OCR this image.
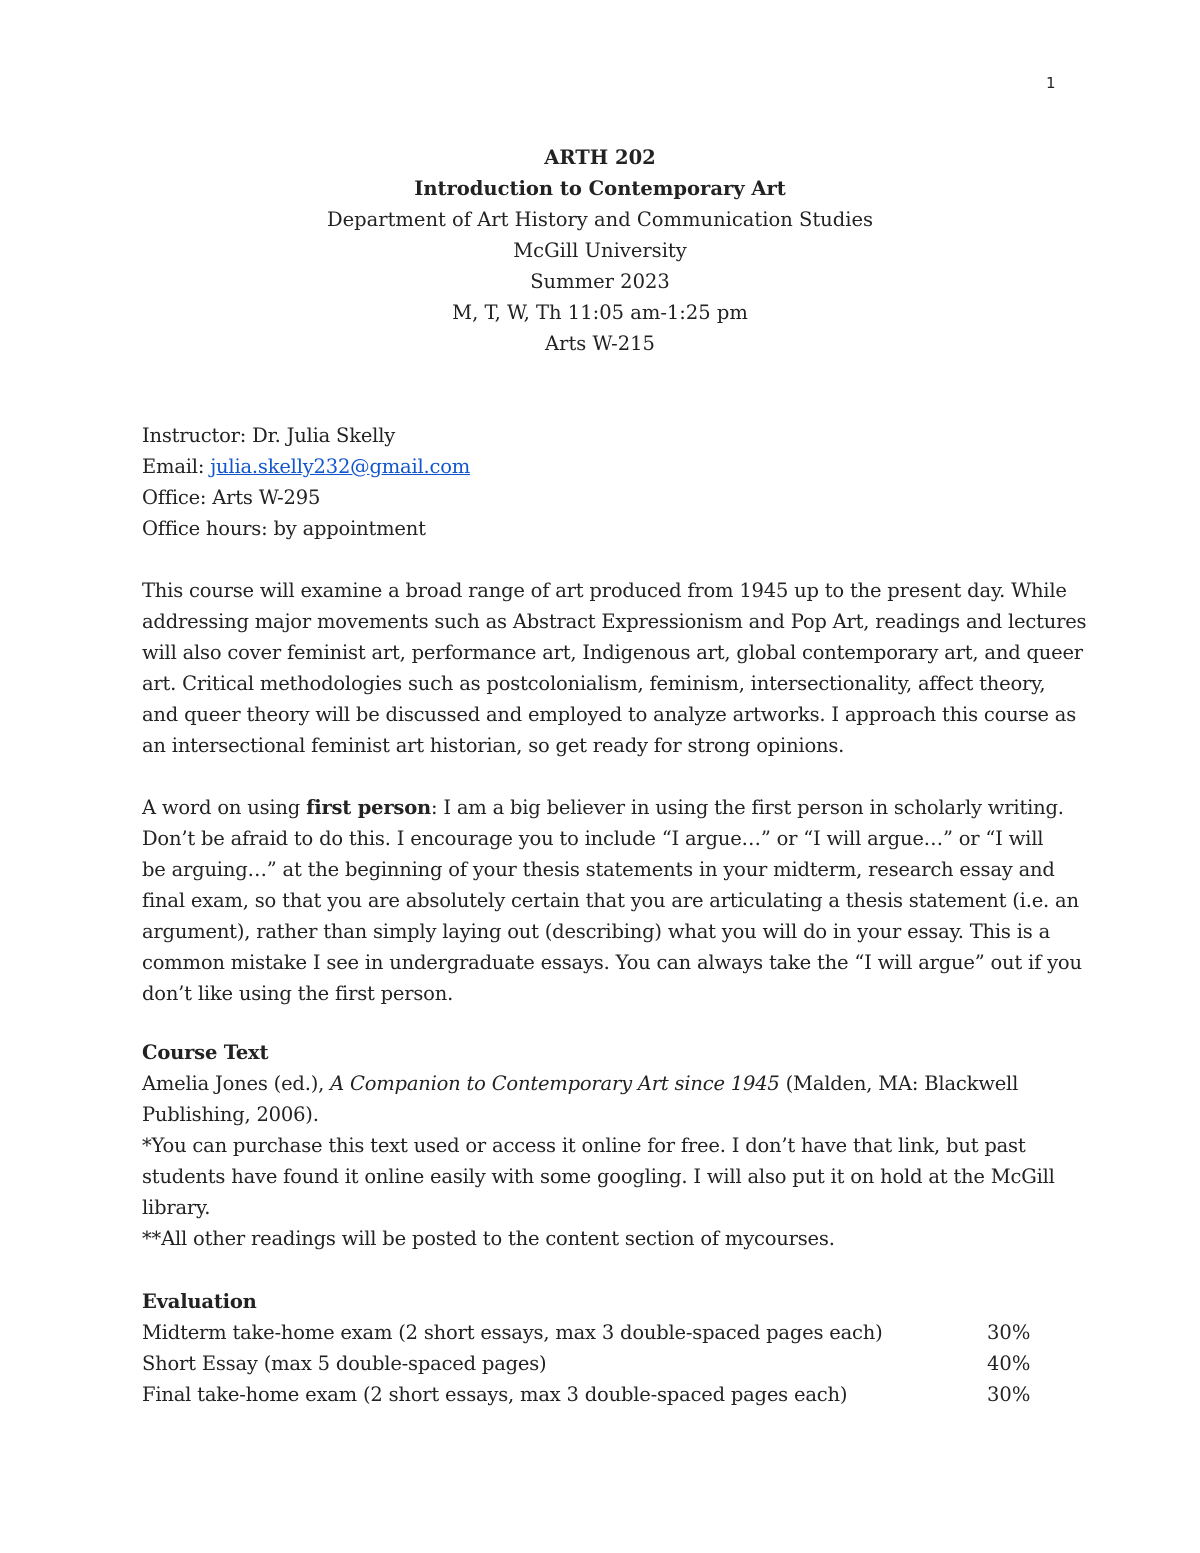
1
ARTH 202
Introduction to Contemporary Art
Department of Art History and Communication Studies
McGill University
Summer 2023
M, T, W, Th 11:05 am-1:25 pm
Arts W-215
Instructor: Dr. Julia Skelly
Email: julia.skelly232@gmail.com
Office: Arts W-295
Office hours: by appointment
This course will examine a broad range of art produced from 1945 up to the present day. While
addressing major movements such as Abstract Expressionism and Pop Art, readings and lectures
will also cover feminist art, performance art, Indigenous art, global contemporary art, and queer
art. Critical methodologies such as postcolonialism, feminism, intersectionality, affect theory,
and queer theory will be discussed and employed to analyze artworks. I approach this course as
an intersectional feminist art historian, so get ready for strong opinions.
A word on using first person: I am a big believer in using the first person in scholarly writing.
Don’t be afraid to do this. I encourage you to include “I argue…” or “I will argue…” or “I will
be arguing…” at the beginning of your thesis statements in your midterm, research essay and
final exam, so that you are absolutely certain that you are articulating a thesis statement (i.e. an
argument), rather than simply laying out (describing) what you will do in your essay. This is a
common mistake I see in undergraduate essays. You can always take the “I will argue” out if you
don’t like using the first person.
Course Text
Amelia Jones (ed.), A Companion to Contemporary Art since 1945 (Malden, MA: Blackwell
Publishing, 2006).
*You can purchase this text used or access it online for free. I don’t have that link, but past
students have found it online easily with some googling. I will also put it on hold at the McGill
library.
**All other readings will be posted to the content section of mycourses.
Evaluation
Midterm take-home exam (2 short essays, max 3 double-spaced pages each)	30%
Short Essay (max 5 double-spaced pages)	40%
Final take-home exam (2 short essays, max 3 double-spaced pages each)	30%
